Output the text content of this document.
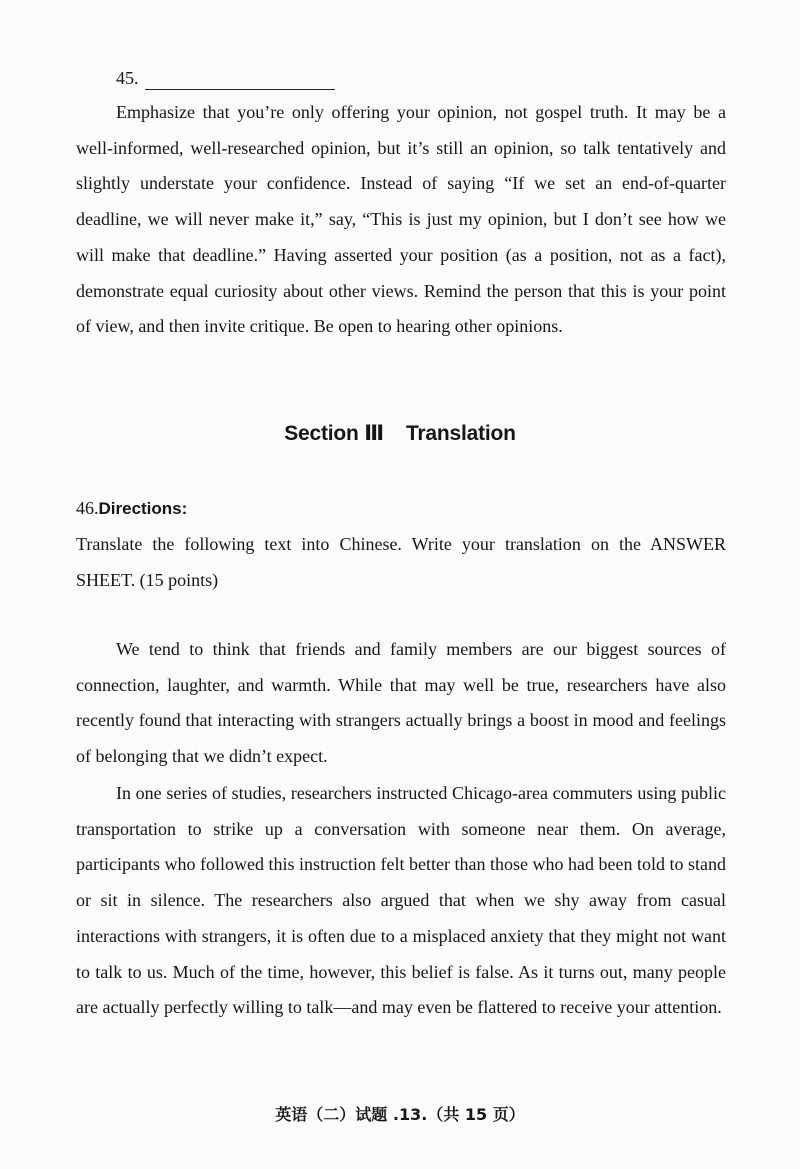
45.

Emphasize that you’re only offering your opinion, not gospel truth. It may be a well-informed, well-researched opinion, but it’s still an opinion, so talk tentatively and slightly understate your confidence. Instead of saying “If we set an end-of-quarter deadline, we will never make it,” say, “This is just my opinion, but I don’t see how we will make that deadline.” Having asserted your position (as a position, not as a fact), demonstrate equal curiosity about other views. Remind the person that this is your point of view, and then invite critique. Be open to hearing other opinions.

Section Ⅲ Translation
46.Directions:

Translate the following text into Chinese. Write your translation on the ANSWER SHEET. (15 points)

We tend to think that friends and family members are our biggest sources of connection, laughter, and warmth. While that may well be true, researchers have also recently found that interacting with strangers actually brings a boost in mood and feelings of belonging that we didn’t expect.

In one series of studies, researchers instructed Chicago-area commuters using public transportation to strike up a conversation with someone near them. On average, participants who followed this instruction felt better than those who had been told to stand or sit in silence. The researchers also argued that when we shy away from casual interactions with strangers, it is often due to a misplaced anxiety that they might not want to talk to us. Much of the time, however, this belief is false. As it turns out, many people are actually perfectly willing to talk—and may even be flattered to receive your attention.

英语（二）试题 .13.（共 15 页）
